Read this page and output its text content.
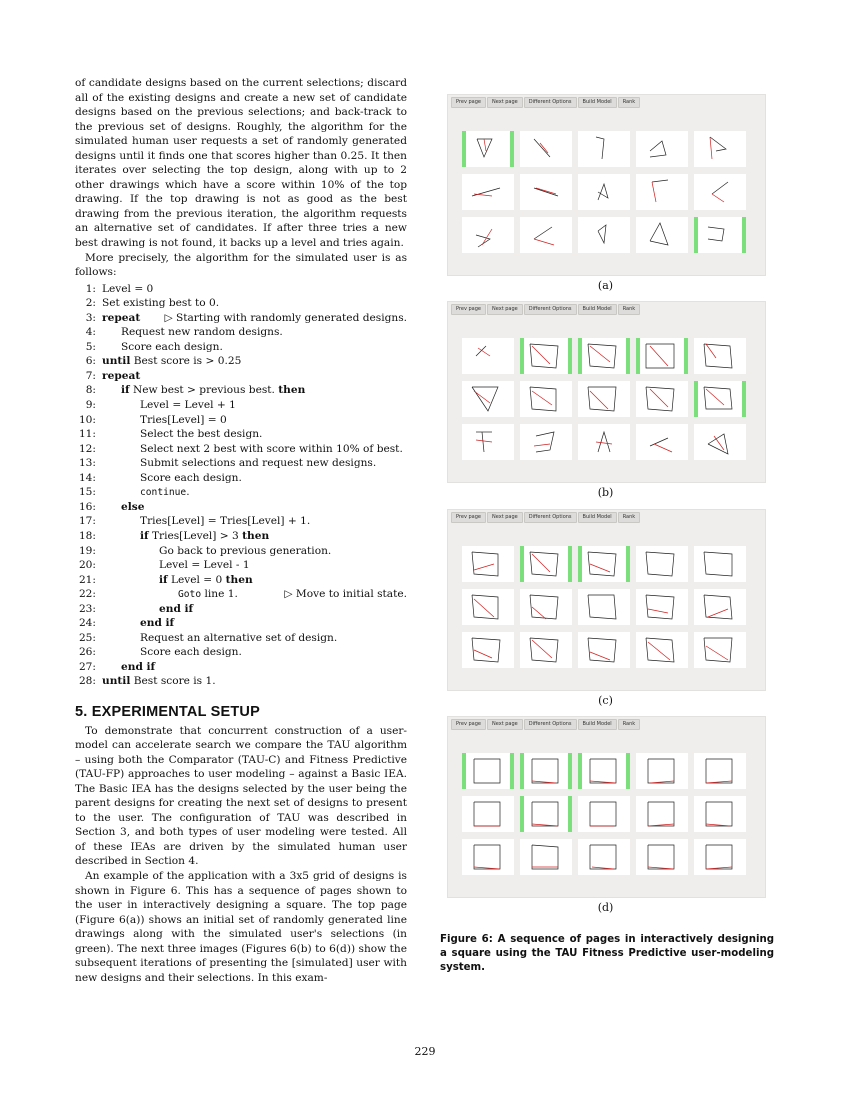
of candidate designs based on the current selections; discard all of the existing designs and create a new set of candidate designs based on the previous selections; and back-track to the previous set of designs. Roughly, the algorithm for the simulated human user requests a set of randomly generated designs until it finds one that scores higher than 0.25. It then iterates over selecting the top design, along with up to 2 other drawings which have a score within 10% of the top drawing. If the top drawing is not as good as the best drawing from the previous iteration, the algorithm requests an alternative set of candidates. If after three tries a new best drawing is not found, it backs up a level and tries again.

More precisely, the algorithm for the simulated user is as follows:

1: Level = 0
2: Set existing best to 0.
3: repeat ▷ Starting with randomly generated designs.
4:	Request new random designs.
5:	Score each design.
6: until Best score is > 0.25
7: repeat
8:	if New best > previous best. then
9:	Level = Level + 1
10:	Tries[Level] = 0
11:	Select the best design.
12:	Select next 2 best with score within 10% of best.
13:	Submit selections and request new designs.
14:	Score each design.
15:	continue.
16:	else
17:	Tries[Level] = Tries[Level] + 1.
18:	if Tries[Level] > 3 then
19:	Go back to previous generation.
20:	Level = Level - 1
21:	if Level = 0 then
22:	Goto line 1.	▷ Move to initial state.
23:	end if
24:	end if
25:	Request an alternative set of design.
26:	Score each design.
27:	end if
28: until Best score is 1.
5. EXPERIMENTAL SETUP

To demonstrate that concurrent construction of a user-model can accelerate search we compare the TAU algorithm – using both the Comparator (TAU-C) and Fitness Predictive (TAU-FP) approaches to user modeling – against a Basic IEA. The Basic IEA has the designs selected by the user being the parent designs for creating the next set of designs to present to the user. The configuration of TAU was described in Section 3, and both types of user modeling were tested. All of these IEAs are driven by the simulated human user described in Section 4.

An example of the application with a 3x5 grid of designs is shown in Figure 6. This has a sequence of pages shown to the user in interactively designing a square. The top page (Figure 6(a)) shows an initial set of randomly generated line drawings along with the simulated user's selections (in green). The next three images (Figures 6(b) to 6(d)) show the subsequent iterations of presenting the [simulated] user with new designs and their selections. In this exam-

Prev page	Next page	Different Options	Build Model	Rank
(a)
Prev page	Next page	Different Options	Build Model	Rank
(b)
Prev page	Next page	Different Options	Build Model	Rank
(c)
Prev page	Next page	Different Options	Build Model	Rank
(d)
Figure 6: A sequence of pages in interactively designing a square using the TAU Fitness Predictive user-modeling system.
229
